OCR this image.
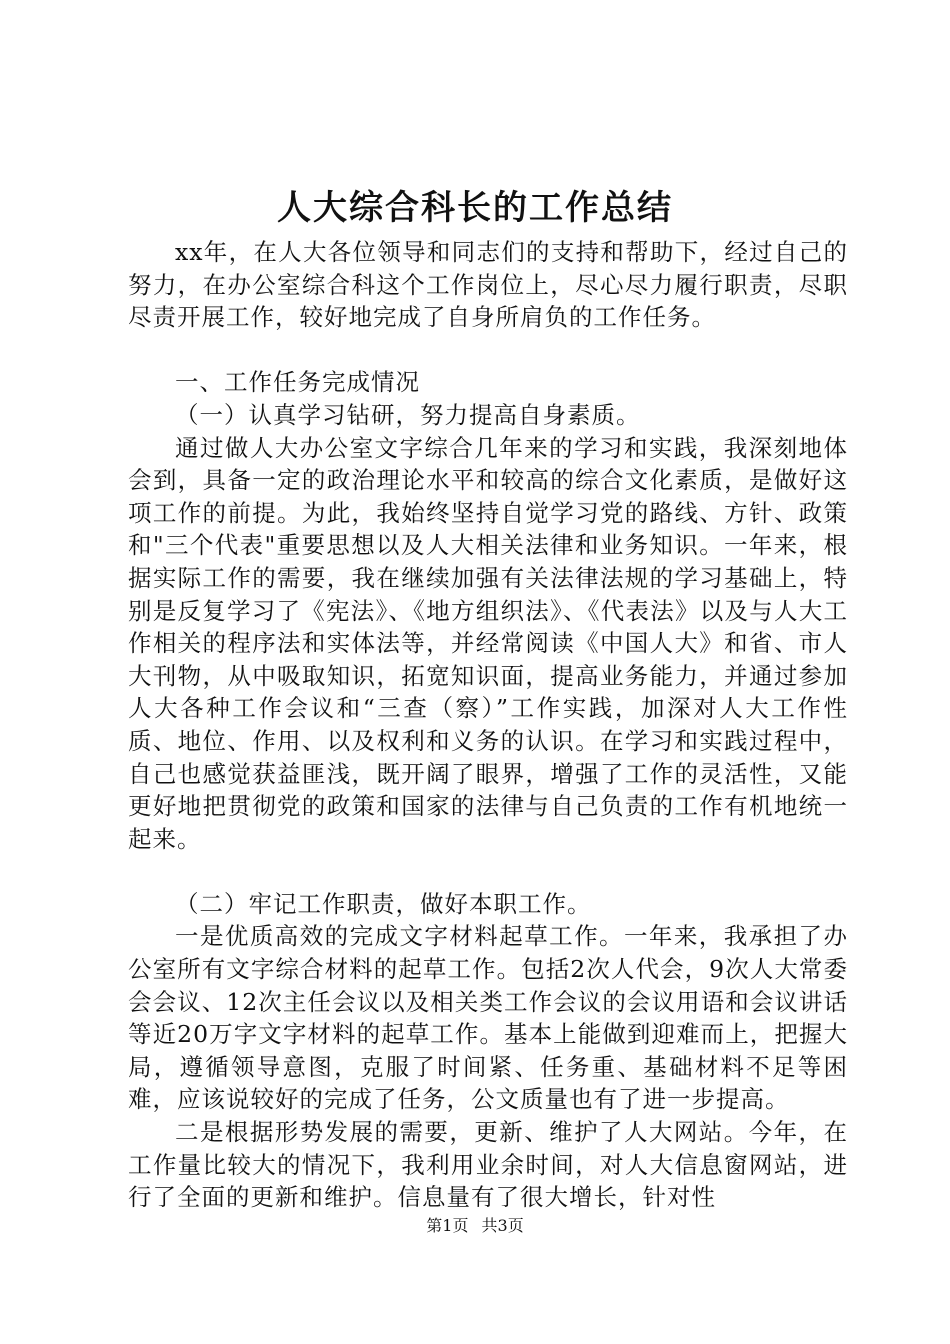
人大综合科长的工作总结

xx年，在人大各位领导和同志们的支持和帮助下，经过自己的努力，在办公室综合科这个工作岗位上，尽心尽力履行职责，尽职尽责开展工作，较好地完成了自身所肩负的工作任务。

一、工作任务完成情况

（一）认真学习钻研，努力提高自身素质。

通过做人大办公室文字综合几年来的学习和实践，我深刻地体会到，具备一定的政治理论水平和较高的综合文化素质，是做好这项工作的前提。为此，我始终坚持自觉学习党的路线、方针、政策和"三个代表"重要思想以及人大相关法律和业务知识。一年来，根据实际工作的需要，我在继续加强有关法律法规的学习基础上，特别是反复学习了《宪法》、《地方组织法》、《代表法》以及与人大工作相关的程序法和实体法等，并经常阅读《中国人大》和省、市人大刊物，从中吸取知识，拓宽知识面，提高业务能力，并通过参加人大各种工作会议和“三查（察）”工作实践，加深对人大工作性质、地位、作用、以及权利和义务的认识。在学习和实践过程中，自己也感觉获益匪浅，既开阔了眼界，增强了工作的灵活性，又能更好地把贯彻党的政策和国家的法律与自己负责的工作有机地统一起来。

（二）牢记工作职责，做好本职工作。

一是优质高效的完成文字材料起草工作。一年来，我承担了办公室所有文字综合材料的起草工作。包括2次人代会，9次人大常委会会议、12次主任会议以及相关类工作会议的会议用语和会议讲话等近20万字文字材料的起草工作。基本上能做到迎难而上，把握大局，遵循领导意图，克服了时间紧、任务重、基础材料不足等困难，应该说较好的完成了任务，公文质量也有了进一步提高。

二是根据形势发展的需要，更新、维护了人大网站。今年，在工作量比较大的情况下，我利用业余时间，对人大信息窗网站，进行了全面的更新和维护。信息量有了很大增长，针对性

第1页 共3页
